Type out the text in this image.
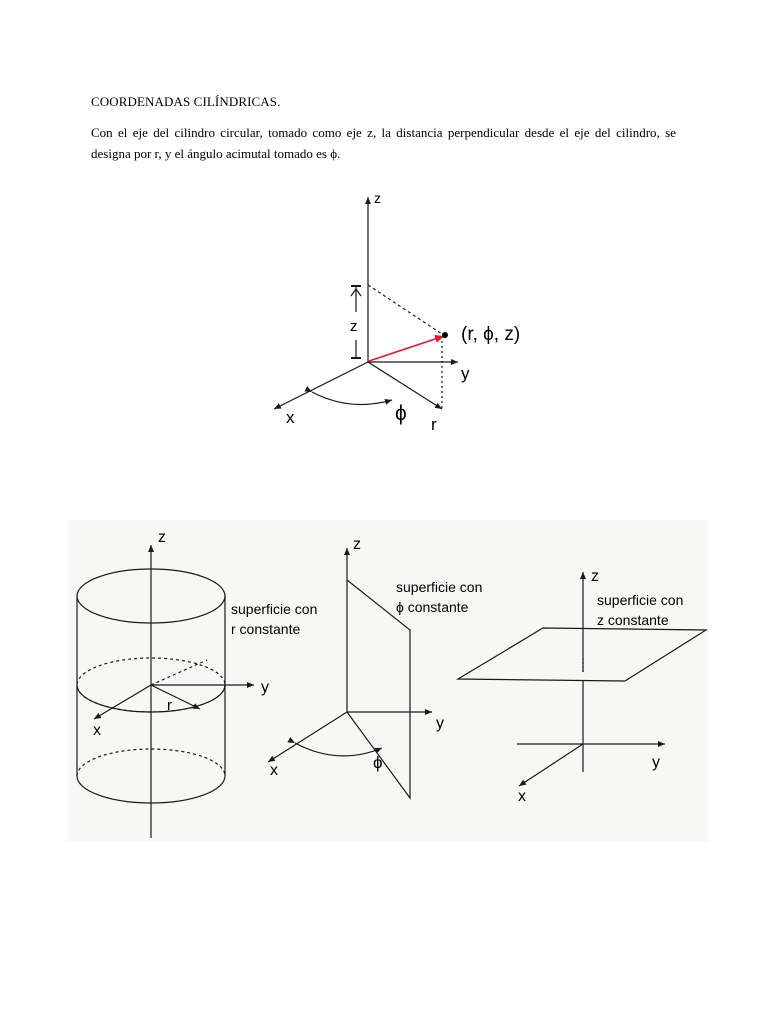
COORDENADAS CILÍNDRICAS.
Con el eje del cilindro circular, tomado como eje z, la distancia perpendicular desde el eje del cilindro, se designa por r, y el ángulo acimutal tomado es ϕ.
z
z	(r, ϕ, z)
y
x	ϕ r
z
y
x
r
superficie con
r constante
z
y
x	ϕ
superficie con
ϕ constante
z
y
x
superficie con
z constante
